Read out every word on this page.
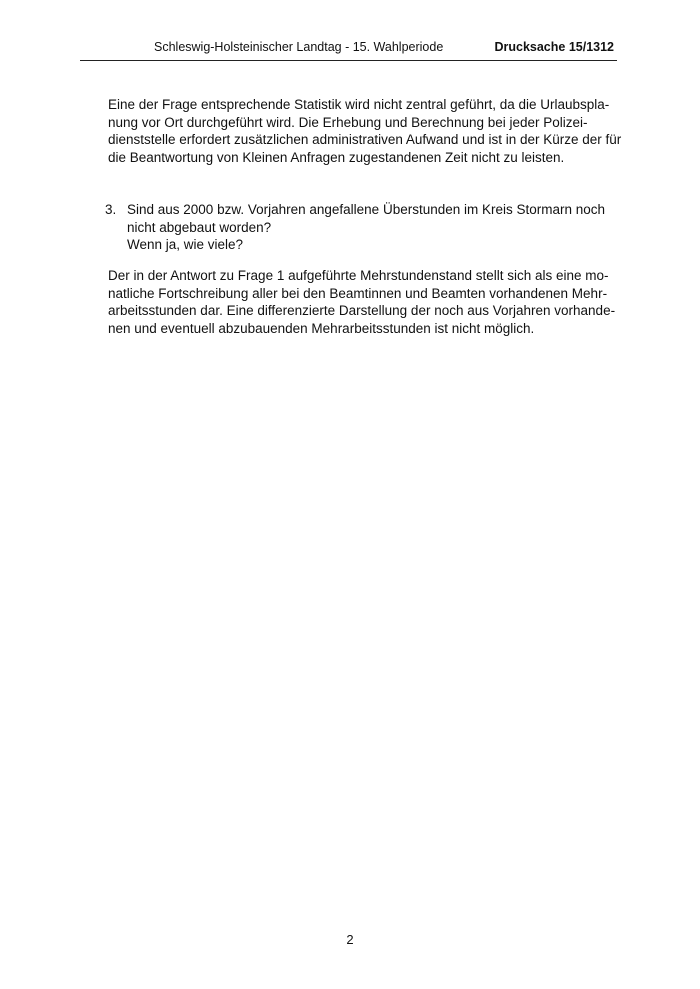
Schleswig-Holsteinischer Landtag - 15. Wahlperiode	Drucksache 15/1312
Eine der Frage entsprechende Statistik wird nicht zentral geführt, da die Urlaubspla-
nung vor Ort durchgeführt wird. Die Erhebung und Berechnung bei jeder Polizei-
dienststelle erfordert zusätzlichen administrativen Aufwand und ist in der Kürze der für
die Beantwortung von Kleinen Anfragen zugestandenen Zeit nicht zu leisten.
3. Sind aus 2000 bzw. Vorjahren angefallene Überstunden im Kreis Stormarn noch
nicht abgebaut worden?
Wenn ja, wie viele?
Der in der Antwort zu Frage 1 aufgeführte Mehrstundenstand stellt sich als eine mo-
natliche Fortschreibung aller bei den Beamtinnen und Beamten vorhandenen Mehr-
arbeitsstunden dar. Eine differenzierte Darstellung der noch aus Vorjahren vorhande-
nen und eventuell abzubauenden Mehrarbeitsstunden ist nicht möglich.
2
